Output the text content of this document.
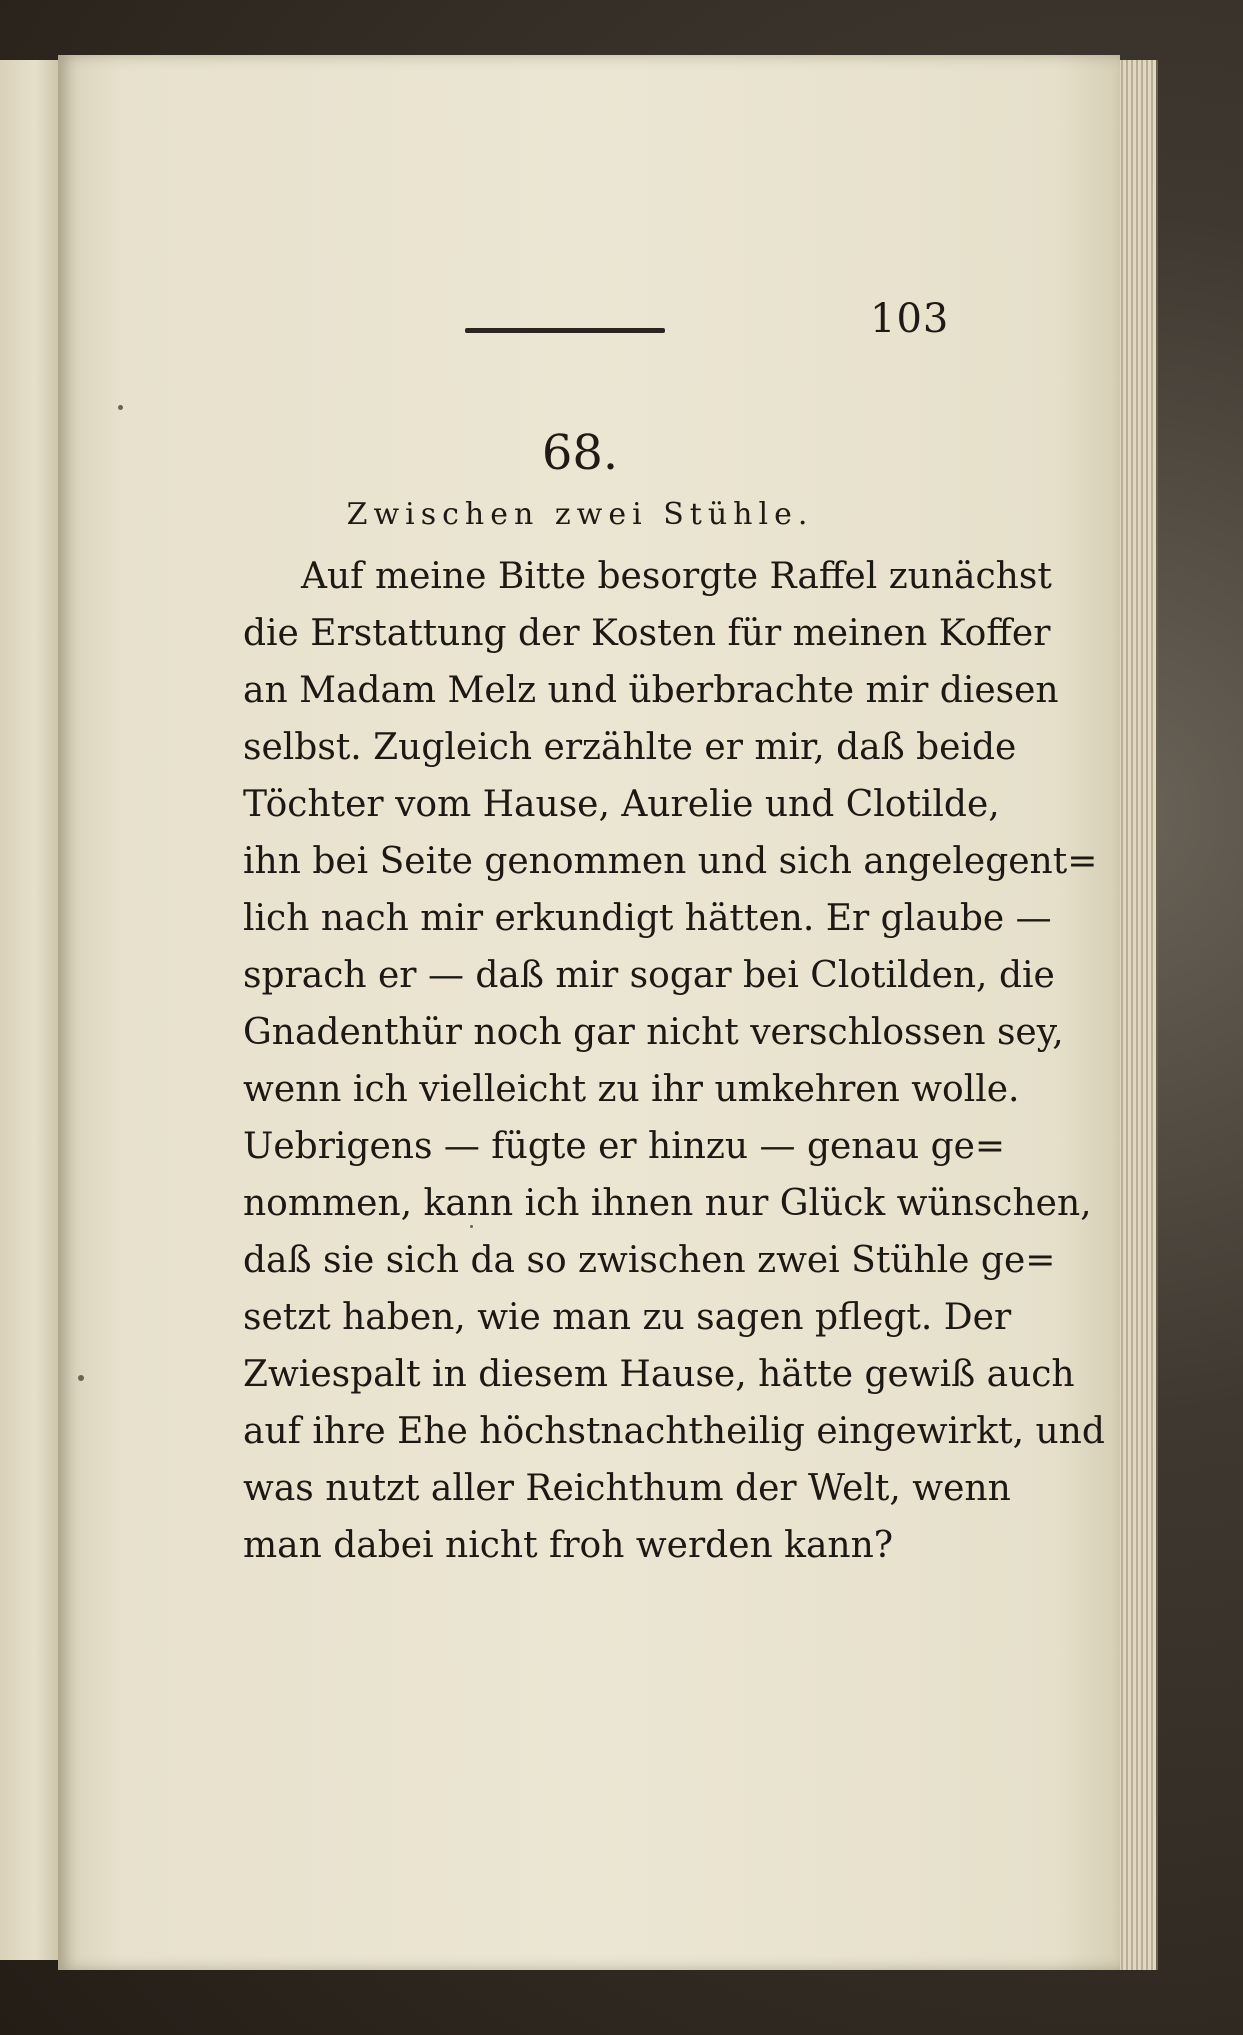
103
68.
Zwischen zwei Stühle.
Auf meine Bitte besorgte Raffel zunächst
die Erstattung der Kosten für meinen Koffer
an Madam Melz und überbrachte mir diesen
selbst. Zugleich erzählte er mir, daß beide
Töchter vom Hause, Aurelie und Clotilde,
ihn bei Seite genommen und sich angelegent=
lich nach mir erkundigt hätten. Er glaube —
sprach er — daß mir sogar bei Clotilden, die
Gnadenthür noch gar nicht verschlossen sey,
wenn ich vielleicht zu ihr umkehren wolle.
Uebrigens — fügte er hinzu — genau ge=
nommen, kann ich ihnen nur Glück wünschen,
daß sie sich da so zwischen zwei Stühle ge=
setzt haben, wie man zu sagen pflegt. Der
Zwiespalt in diesem Hause, hätte gewiß auch
auf ihre Ehe höchstnachtheilig eingewirkt, und
was nutzt aller Reichthum der Welt, wenn
man dabei nicht froh werden kann?
